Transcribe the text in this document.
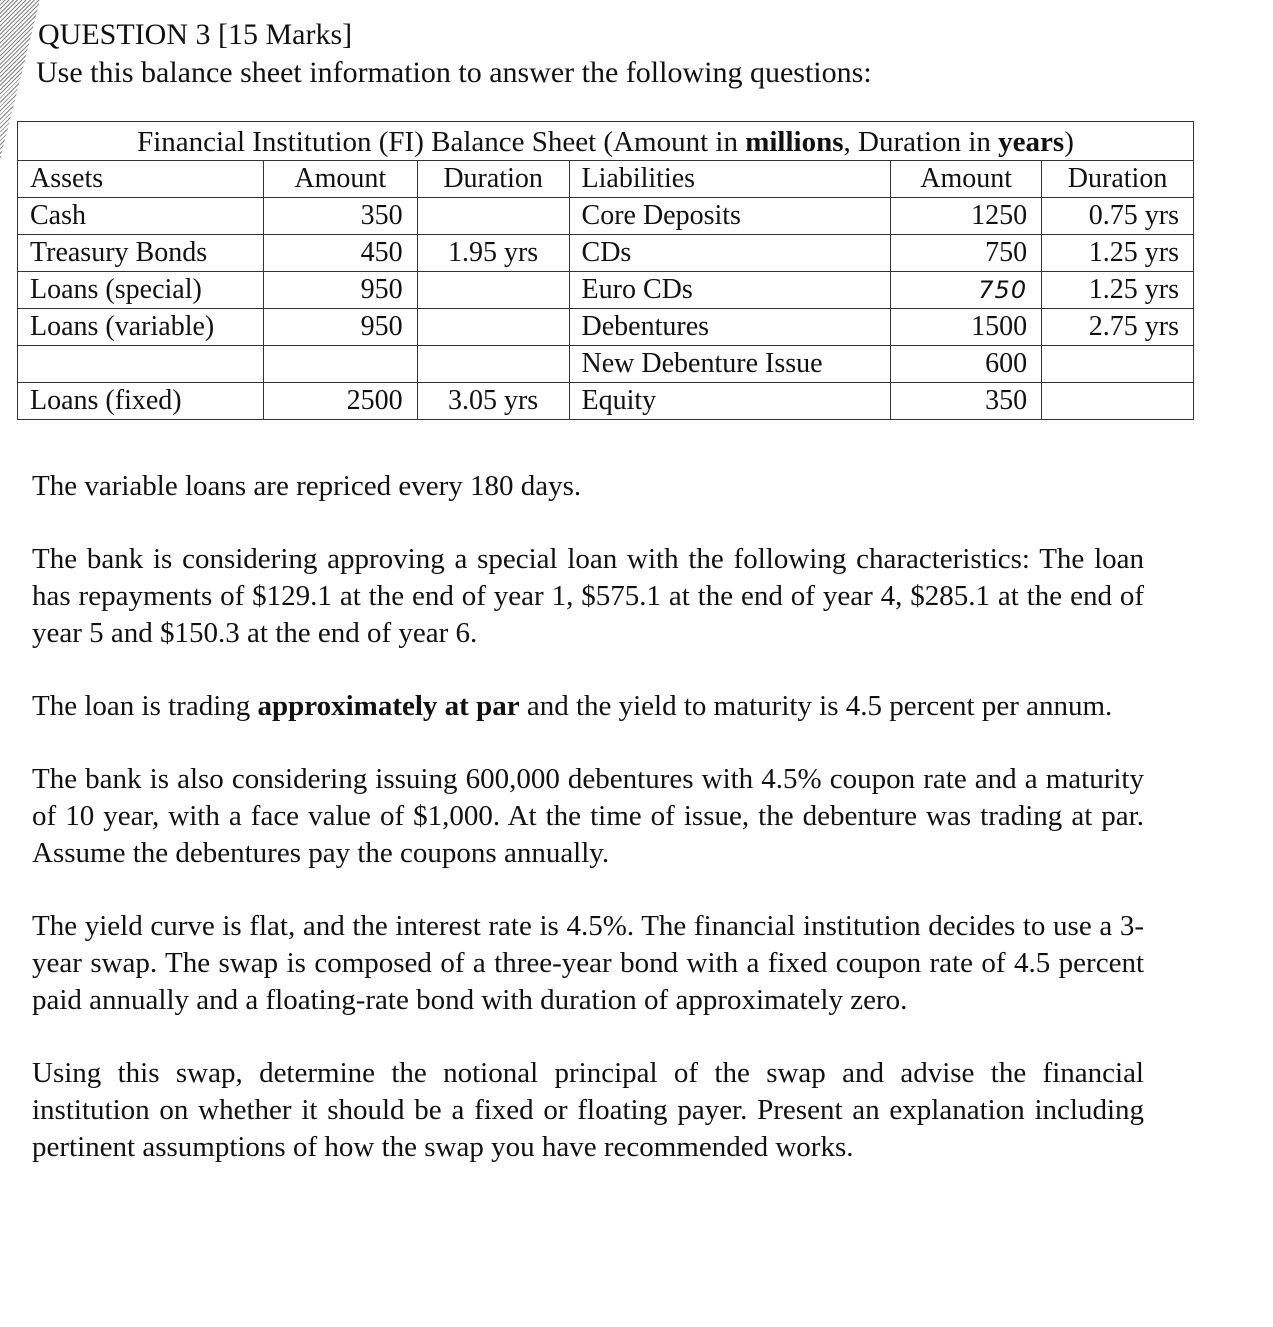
QUESTION 3 [15 Marks]

Use this balance sheet information to answer the following questions:

Financial Institution (FI) Balance Sheet (Amount in millions, Duration in years)					
Assets	Amount	Duration	Liabilities	Amount	Duration
Cash	350		Core Deposits	1250	0.75 yrs
Treasury Bonds	450	1.95 yrs	CDs	750	1.25 yrs
Loans (special)	950		Euro CDs	750	1.25 yrs
Loans (variable)	950		Debentures	1500	2.75 yrs
			New Debenture Issue	600	
Loans (fixed)	2500	3.05 yrs	Equity	350	

The variable loans are repriced every 180 days.

The bank is considering approving a special loan with the following characteristics: The loan has repayments of $129.1 at the end of year 1, $575.1 at the end of year 4, $285.1 at the end of year 5 and $150.3 at the end of year 6.

The loan is trading approximately at par and the yield to maturity is 4.5 percent per annum.

The bank is also considering issuing 600,000 debentures with 4.5% coupon rate and a maturity of 10 year, with a face value of $1,000. At the time of issue, the debenture was trading at par. Assume the debentures pay the coupons annually.

The yield curve is flat, and the interest rate is 4.5%. The financial institution decides to use a 3-year swap. The swap is composed of a three-year bond with a fixed coupon rate of 4.5 percent paid annually and a floating-rate bond with duration of approximately zero.

Using this swap, determine the notional principal of the swap and advise the financial institution on whether it should be a fixed or floating payer. Present an explanation including pertinent assumptions of how the swap you have recommended works.
